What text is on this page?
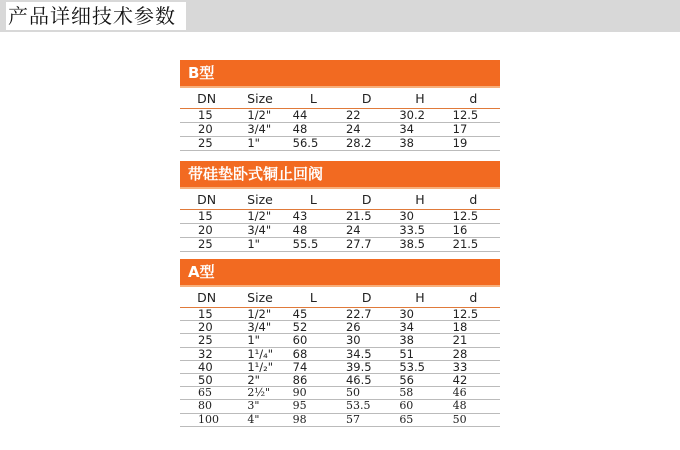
产品详细技术参数
B型
DN	Size	L	D	H	d
15	1/2"	44	22	30.2	12.5
20	3/4"	48	24	34	17
25	1"	56.5	28.2	38	19
带硅垫卧式铜止回阀
DN	Size	L	D	H	d
15	1/2"	43	21.5	30	12.5
20	3/4"	48	24	33.5	16
25	1"	55.5	27.7	38.5	21.5
A型
DN	Size	L	D	H	d
15	1/2"	45	22.7	30	12.5
20	3/4"	52	26	34	18
25	1"	60	30	38	21
32	1¹/₄"	68	34.5	51	28
40	1¹/₂"	74	39.5	53.5	33
50	2"	86	46.5	56	42
65	2½"	90	50	58	46
80	3"	95	53.5	60	48
100	4"	98	57	65	50
